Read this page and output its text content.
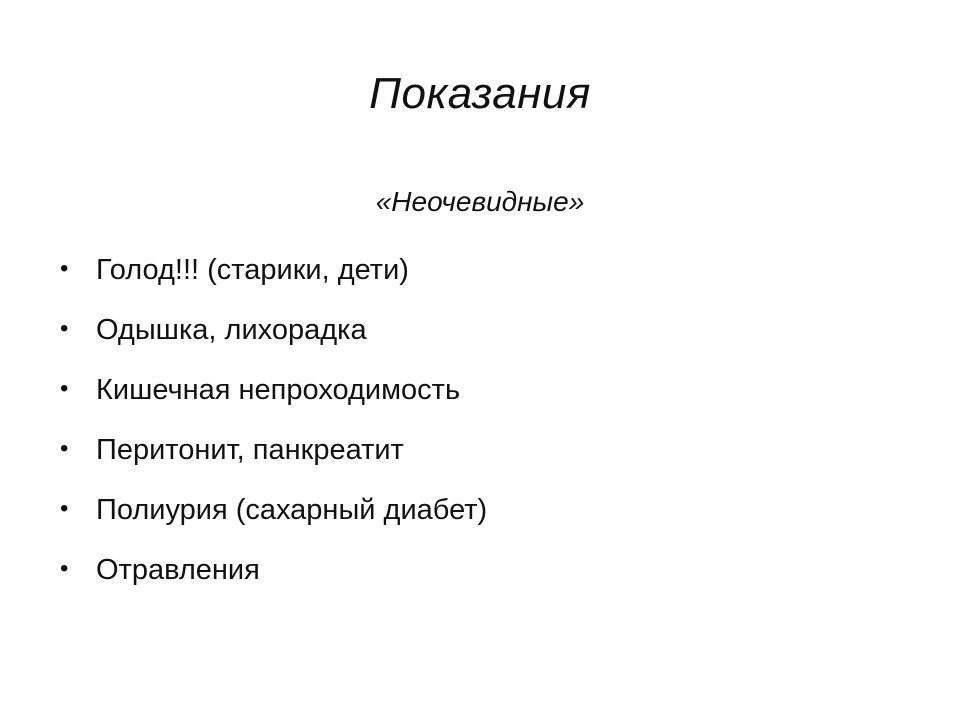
Показания
«Неочевидные»
• Голод!!! (старики, дети)
• Одышка, лихорадка
• Кишечная непроходимость
• Перитонит, панкреатит
• Полиурия (сахарный диабет)
• Отравления
